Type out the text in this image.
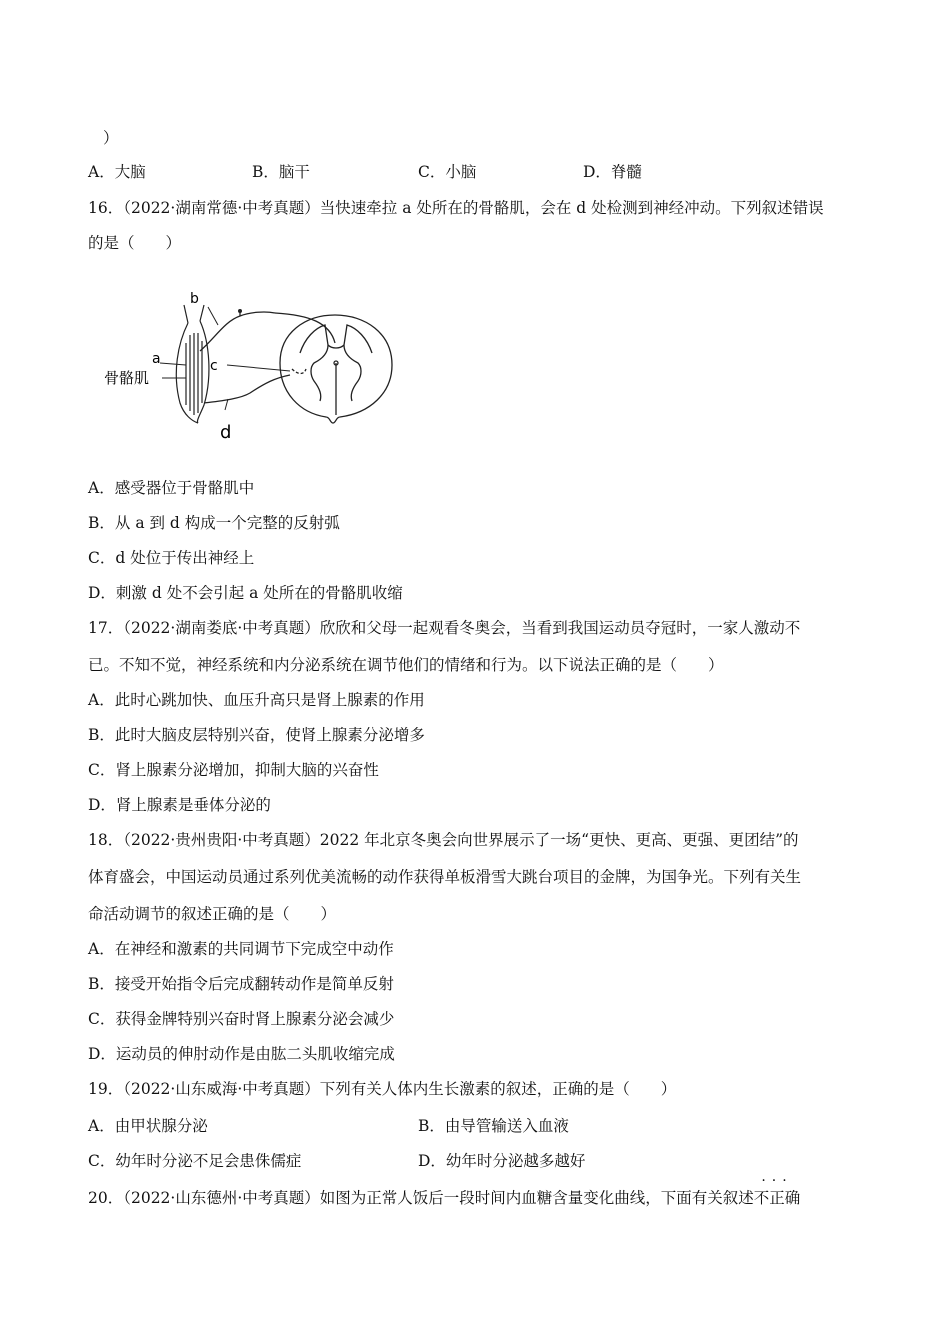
）
A．大脑	B．脑干	C．小脑	D．脊髓
16．（2022·湖南常德·中考真题）当快速牵拉 a 处所在的骨骼肌，会在 d 处检测到神经冲动。下列叙述错误
的是（　　）
骨骼肌
a
b
c
d
A．感受器位于骨骼肌中
B．从 a 到 d 构成一个完整的反射弧
C．d 处位于传出神经上
D．刺激 d 处不会引起 a 处所在的骨骼肌收缩
17．（2022·湖南娄底·中考真题）欣欣和父母一起观看冬奥会，当看到我国运动员夺冠时，一家人激动不
已。不知不觉，神经系统和内分泌系统在调节他们的情绪和行为。以下说法正确的是（　　）
A．此时心跳加快、血压升高只是肾上腺素的作用
B．此时大脑皮层特别兴奋，使肾上腺素分泌增多
C．肾上腺素分泌增加，抑制大脑的兴奋性
D．肾上腺素是垂体分泌的
18．（2022·贵州贵阳·中考真题）2022 年北京冬奥会向世界展示了一场“更快、更高、更强、更团结”的
体育盛会，中国运动员通过系列优美流畅的动作获得单板滑雪大跳台项目的金牌，为国争光。下列有关生
命活动调节的叙述正确的是（　　）
A．在神经和激素的共同调节下完成空中动作
B．接受开始指令后完成翻转动作是简单反射
C．获得金牌特别兴奋时肾上腺素分泌会减少
D．运动员的伸肘动作是由肱二头肌收缩完成
19．（2022·山东威海·中考真题）下列有关人体内生长激素的叙述，正确的是（　　）
A．由甲状腺分泌	B．由导管输送入血液
C．幼年时分泌不足会患侏儒症	D．幼年时分泌越多越好
20．（2022·山东德州·中考真题）如图为正常人饭后一段时间内血糖含量变化曲线，下面有关叙述
···
不正确
